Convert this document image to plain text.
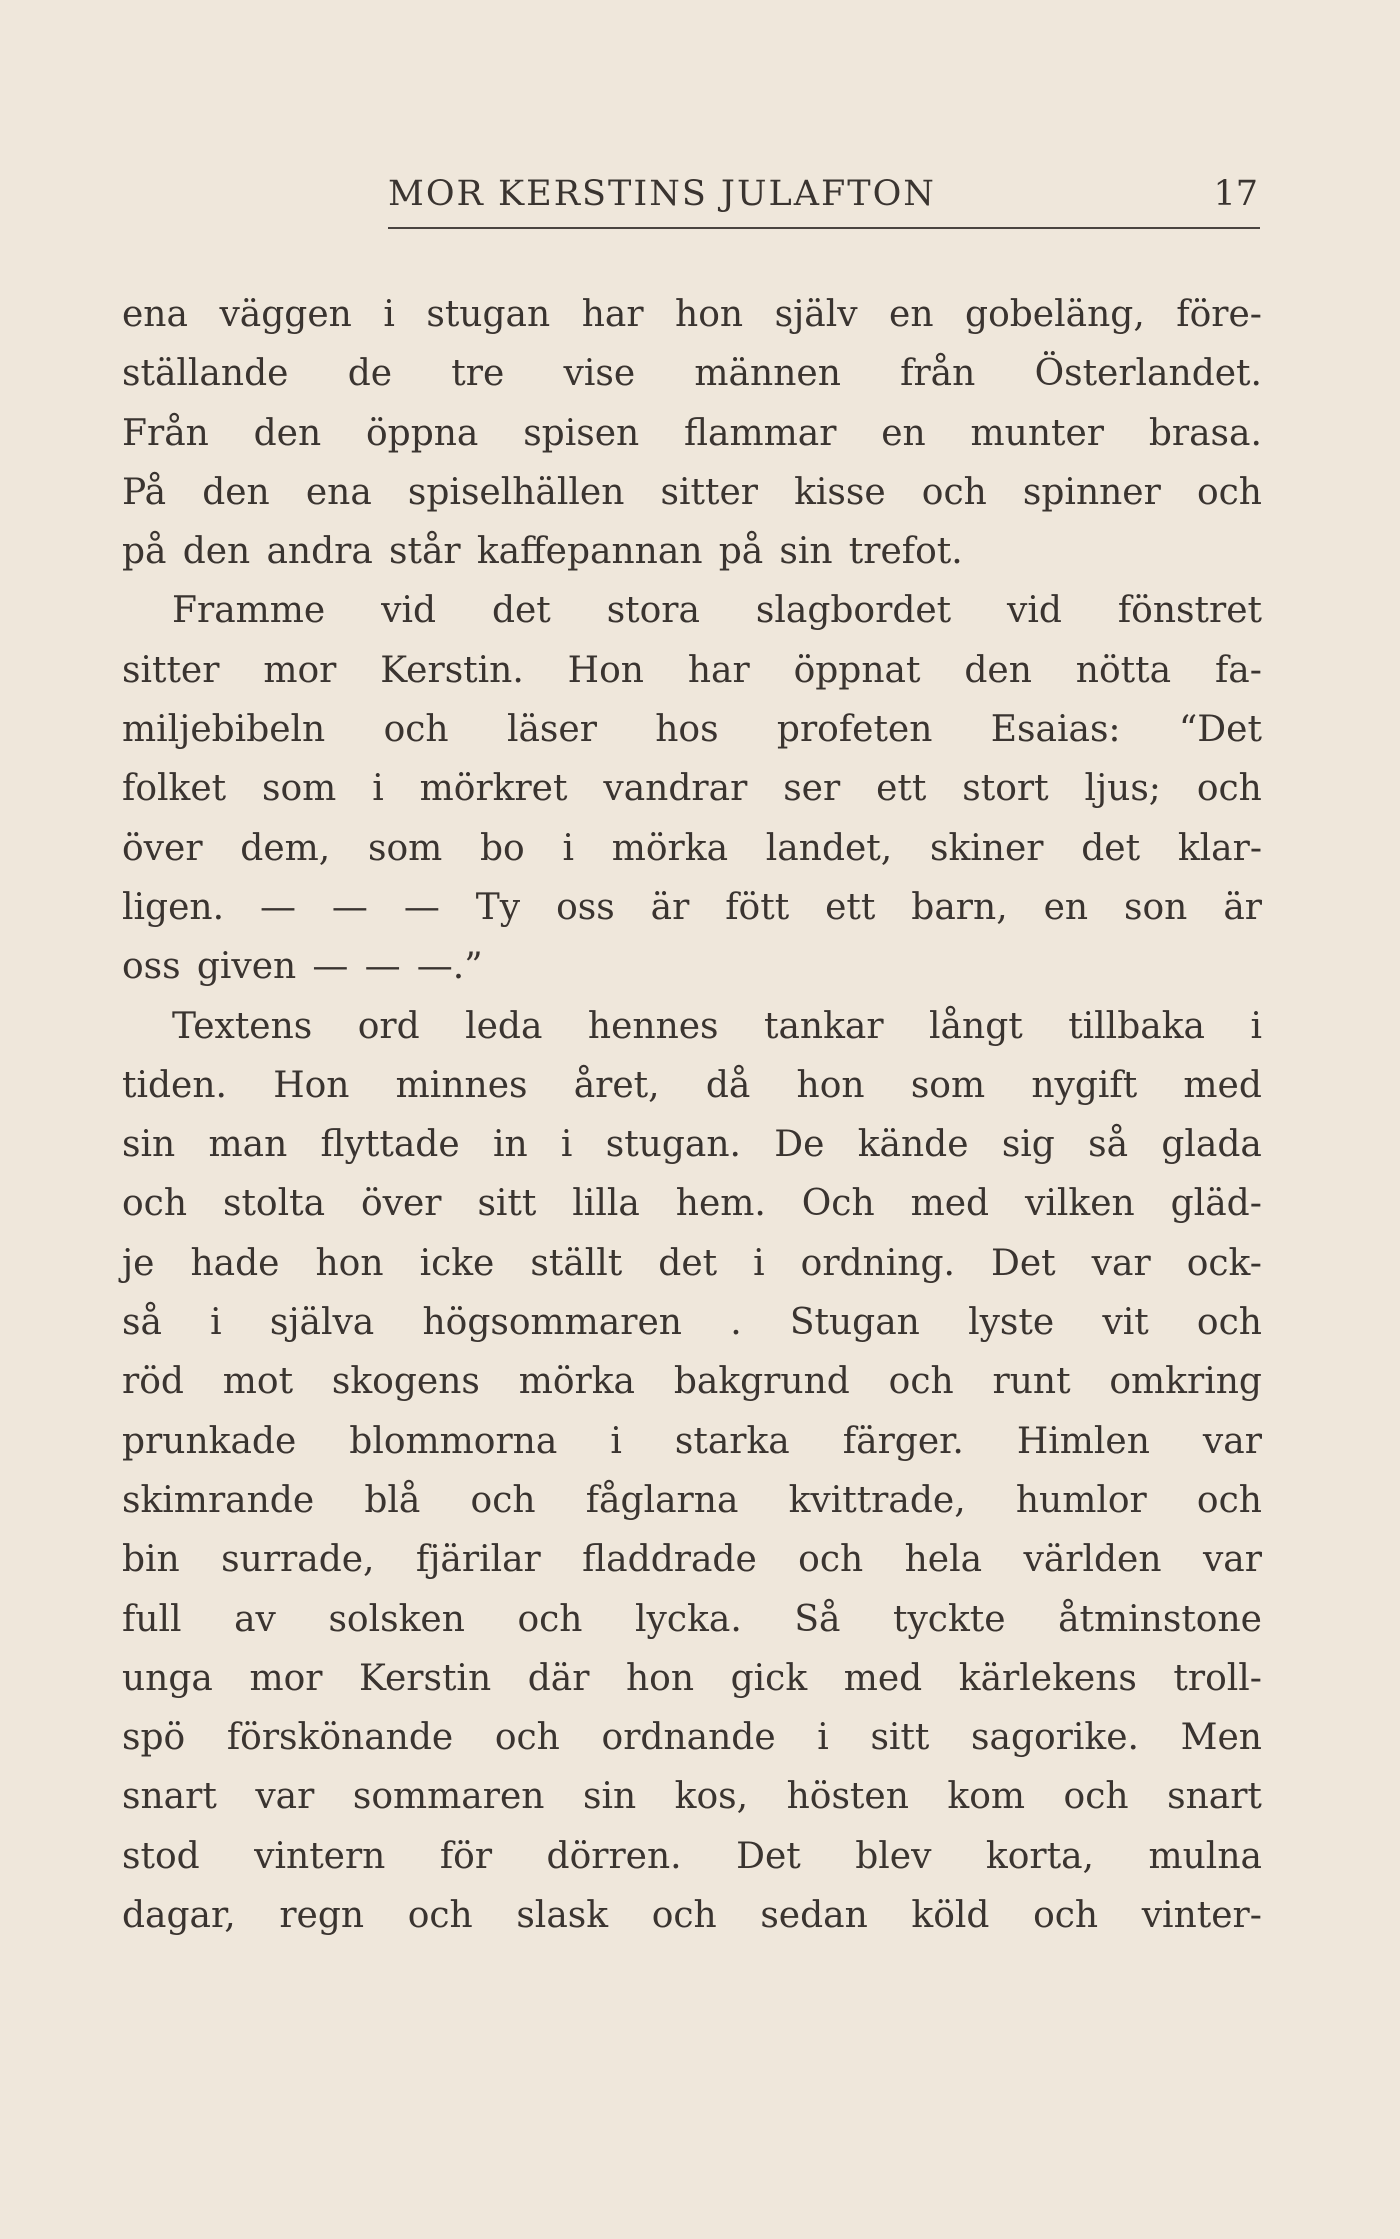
MOR KERSTINS JULAFTON	17
ena väggen i stugan har hon själv en gobeläng, före-
ställande de tre vise männen från Österlandet.
Från den öppna spisen flammar en munter brasa.
På den ena spiselhällen sitter kisse och spinner och
på den andra står kaffepannan på sin trefot.
Framme vid det stora slagbordet vid fönstret
sitter mor Kerstin. Hon har öppnat den nötta fa-
miljebibeln och läser hos profeten Esaias: “Det
folket som i mörkret vandrar ser ett stort ljus; och
över dem, som bo i mörka landet, skiner det klar-
ligen. — — — Ty oss är fött ett barn, en son är
oss given — — —.”
Textens ord leda hennes tankar långt tillbaka i
tiden. Hon minnes året, då hon som nygift med
sin man flyttade in i stugan. De kände sig så glada
och stolta över sitt lilla hem. Och med vilken gläd-
je hade hon icke ställt det i ordning. Det var ock-
så i själva högsommaren . Stugan lyste vit och
röd mot skogens mörka bakgrund och runt omkring
prunkade blommorna i starka färger. Himlen var
skimrande blå och fåglarna kvittrade, humlor och
bin surrade, fjärilar fladdrade och hela världen var
full av solsken och lycka. Så tyckte åtminstone
unga mor Kerstin där hon gick med kärlekens troll-
spö förskönande och ordnande i sitt sagorike. Men
snart var sommaren sin kos, hösten kom och snart
stod vintern för dörren. Det blev korta, mulna
dagar, regn och slask och sedan köld och vinter-
